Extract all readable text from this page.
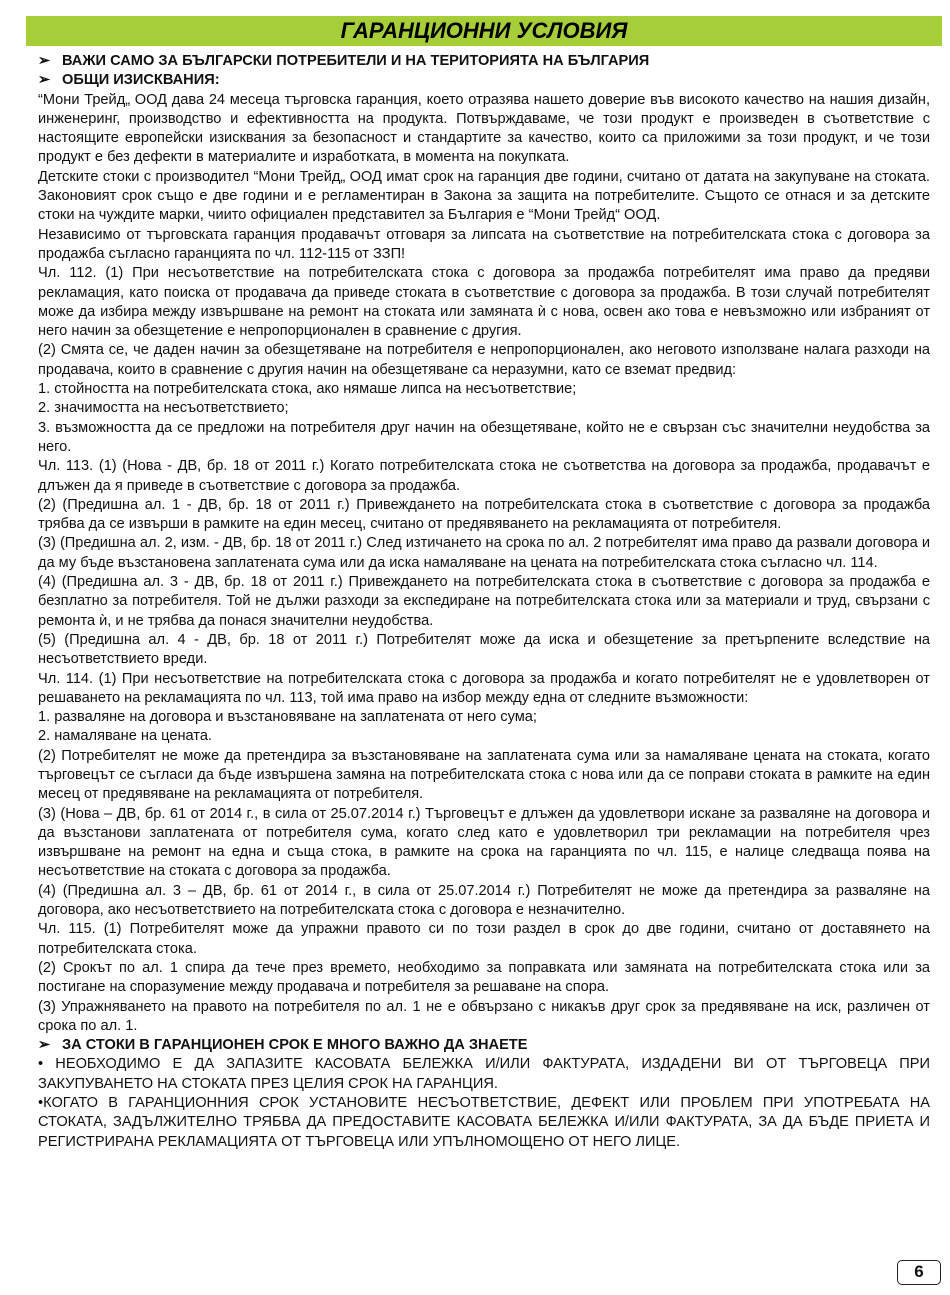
ГАРАНЦИОННИ УСЛОВИЯ

➢ ВАЖИ САМО ЗА БЪЛГАРСКИ ПОТРЕБИТЕЛИ И НА ТЕРИТОРИЯТА НА БЪЛГАРИЯ

➢ ОБЩИ ИЗИСКВАНИЯ:

“Мони Трейд„ ООД дава 24 месеца търговска гаранция, което отразява нашето доверие във високото качество на нашия дизайн, инженеринг, производство и ефективността на продукта. Потвърждаваме, че този продукт е произведен в съответствие с настоящите европейски изисквания за безопасност и стандартите за качество, които са приложими за този продукт, и че този продукт е без дефекти в материалите и изработката, в момента на покупката.

Детските стоки с производител “Мони Трейд„ ООД имат срок на гаранция две години, считано от датата на закупуване на стоката. Законовият срок също е две години и е регламентиран в Закона за защита на потребителите. Същото се отнася и за детските стоки на чуждите марки, чиито официален представител за България е “Мони Трейд“ ООД.

Независимо от търговската гаранция продавачът отговаря за липсата на съответствие на потребителската стока с договора за продажба съгласно гаранцията по чл. 112-115 от ЗЗП!

Чл. 112. (1) При несъответствие на потребителската стока с договора за продажба потребителят има право да предяви рекламация, като поиска от продавача да приведе стоката в съответствие с договора за продажба. В този случай потребителят може да избира между извършване на ремонт на стоката или замяната ѝ с нова, освен ако това е невъзможно или избраният от него начин за обезщетение е непропорционален в сравнение с другия.

(2) Смята се, че даден начин за обезщетяване на потребителя е непропорционален, ако неговото използване налага разходи на продавача, които в сравнение с другия начин на обезщетяване са неразумни, като се вземат предвид:

1. стойността на потребителската стока, ако нямаше липса на несъответствие;

2. значимостта на несъответствието;

3. възможността да се предложи на потребителя друг начин на обезщетяване, който не е свързан със значителни неудобства за него.

Чл. 113. (1) (Нова - ДВ, бр. 18 от 2011 г.) Когато потребителската стока не съответства на договора за продажба, продавачът е длъжен да я приведе в съответствие с договора за продажба.

(2) (Предишна ал. 1 - ДВ, бр. 18 от 2011 г.) Привеждането на потребителската стока в съответствие с договора за продажба трябва да се извърши в рамките на един месец, считано от предявяването на рекламацията от потребителя.

(3) (Предишна ал. 2, изм. - ДВ, бр. 18 от 2011 г.) След изтичането на срока по ал. 2 потребителят има право да развали договора и да му бъде възстановена заплатената сума или да иска намаляване на цената на потребителската стока съгласно чл. 114.

(4) (Предишна ал. 3 - ДВ, бр. 18 от 2011 г.) Привеждането на потребителската стока в съответствие с договора за продажба е безплатно за потребителя. Той не дължи разходи за експедиране на потребителската стока или за материали и труд, свързани с ремонта ѝ, и не трябва да понася значителни неудобства.

(5) (Предишна ал. 4 - ДВ, бр. 18 от 2011 г.) Потребителят може да иска и обезщетение за претърпените вследствие на несъответствието вреди.

Чл. 114. (1) При несъответствие на потребителската стока с договора за продажба и когато потребителят не е удовлетворен от решаването на рекламацията по чл. 113, той има право на избор между една от следните възможности:

1. разваляне на договора и възстановяване на заплатената от него сума;

2. намаляване на цената.

(2) Потребителят не може да претендира за възстановяване на заплатената сума или за намаляване цената на стоката, когато търговецът се съгласи да бъде извършена замяна на потребителската стока с нова или да се поправи стоката в рамките на един месец от предявяване на рекламацията от потребителя.

(3) (Нова – ДВ, бр. 61 от 2014 г., в сила от 25.07.2014 г.) Търговецът е длъжен да удовлетвори искане за разваляне на договора и да възстанови заплатената от потребителя сума, когато след като е удовлетворил три рекламации на потребителя чрез извършване на ремонт на една и съща стока, в рамките на срока на гаранцията по чл. 115, е налице следваща поява на несъответствие на стоката с договора за продажба.

(4) (Предишна ал. 3 – ДВ, бр. 61 от 2014 г., в сила от 25.07.2014 г.) Потребителят не може да претендира за разваляне на договора, ако несъответствието на потребителската стока с договора е незначително.

Чл. 115. (1) Потребителят може да упражни правото си по този раздел в срок до две години, считано от доставянето на потребителската стока.

(2) Срокът по ал. 1 спира да тече през времето, необходимо за поправката или замяната на потребителската стока или за постигане на споразумение между продавача и потребителя за решаване на спора.

(3) Упражняването на правото на потребителя по ал. 1 не е обвързано с никакъв друг срок за предявяване на иск, различен от срока по ал. 1.

➢ ЗА СТОКИ В ГАРАНЦИОНЕН СРОК Е МНОГО ВАЖНО ДА ЗНАЕТЕ

• НЕОБХОДИМО Е ДА ЗАПАЗИТЕ КАСОВАТА БЕЛЕЖКА И/ИЛИ ФАКТУРАТА, ИЗДАДЕНИ ВИ ОТ ТЪРГОВЕЦА ПРИ ЗАКУПУВАНЕТО НА СТОКАТА ПРЕЗ ЦЕЛИЯ СРОК НА ГАРАНЦИЯ.

•КОГАТО В ГАРАНЦИОННИЯ СРОК УСТАНОВИТЕ НЕСЪОТВЕТСТВИЕ, ДЕФЕКТ ИЛИ ПРОБЛЕМ ПРИ УПОТРЕБАТА НА СТОКАТА, ЗАДЪЛЖИТЕЛНО ТРЯБВА ДА ПРЕДОСТАВИТЕ КАСОВАТА БЕЛЕЖКА И/ИЛИ ФАКТУРАТА, ЗА ДА БЪДЕ ПРИЕТА И РЕГИСТРИРАНА РЕКЛАМАЦИЯТА ОТ ТЪРГОВЕЦА ИЛИ УПЪЛНОМОЩЕНО ОТ НЕГО ЛИЦЕ.

6
